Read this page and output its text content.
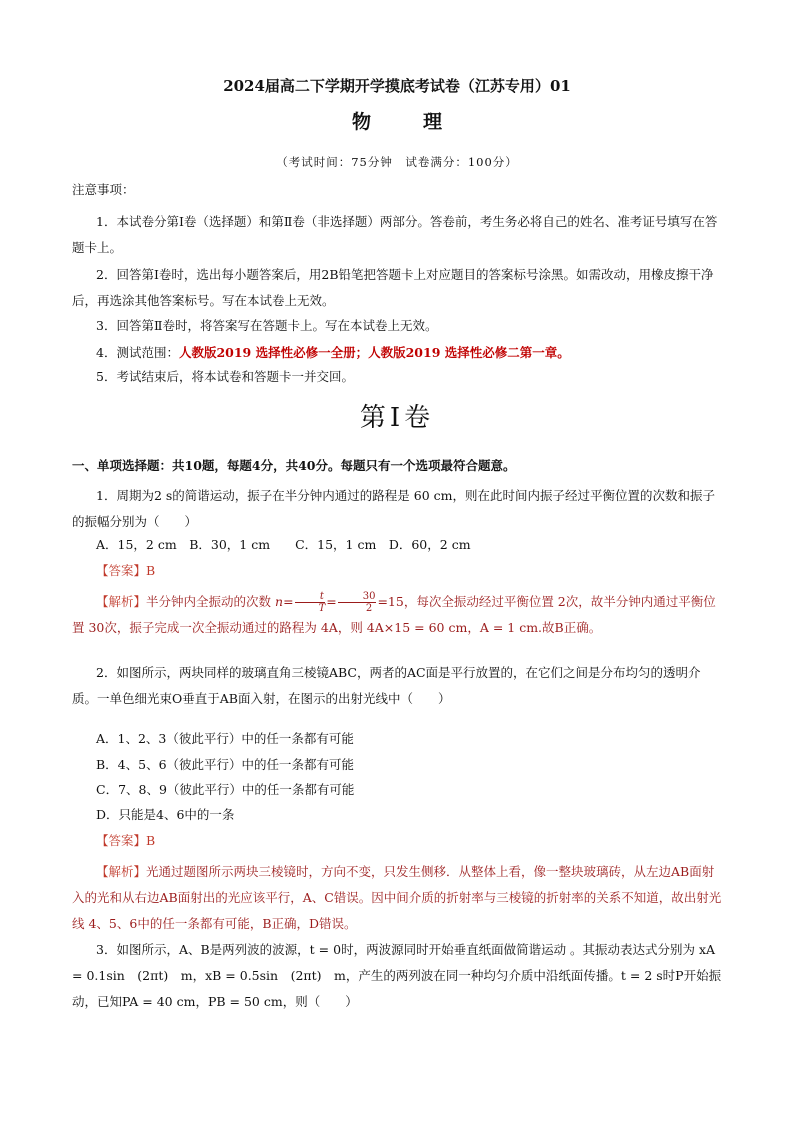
2024届高二下学期开学摸底考试卷（江苏专用）01
物理
（考试时间：75分钟　试卷满分：100分）
注意事项：
1．本试卷分第Ⅰ卷（选择题）和第Ⅱ卷（非选择题）两部分。答卷前，考生务必将自己的姓名、准考证号填写在答题卡上。
2．回答第Ⅰ卷时，选出每小题答案后，用2B铅笔把答题卡上对应题目的答案标号涂黑。如需改动，用橡皮擦干净后，再选涂其他答案标号。写在本试卷上无效。
3．回答第Ⅱ卷时，将答案写在答题卡上。写在本试卷上无效。
4．测试范围：人教版2019 选择性必修一全册；人教版2019 选择性必修二第一章。
5．考试结束后，将本试卷和答题卡一并交回。
第Ⅰ卷
一、单项选择题：共10题，每题4分，共40分。每题只有一个选项最符合题意。
1．周期为2 s的简谐运动，振子在半分钟内通过的路程是 60 cm，则在此时间内振子经过平衡位置的次数和振子的振幅分别为（　　）
A．15，2 cm　B．30，1 cm　　C．15，1 cm　D．60，2 cm
【答案】B
【解析】半分钟内全振动的次数 $n= \frac{t}{T} = \frac{30}{2} =15$，每次全振动经过平衡位置 2次，故半分钟内通过平衡位置 30次，振子完成一次全振动通过的路程为 4A，则 4A×15 = 60 cm，A = 1 cm.故B正确。
2．如图所示，两块同样的玻璃直角三棱镜ABC，两者的AC面是平行放置的，在它们之间是分布均匀的透明介质。一单色细光束O垂直于AB面入射，在图示的出射光线中（　　）
A．1、2、3（彼此平行）中的任一条都有可能
B．4、5、6（彼此平行）中的任一条都有可能
C．7、8、9（彼此平行）中的任一条都有可能
D．只能是4、6中的一条
【答案】B
【解析】光通过题图所示两块三棱镜时，方向不变，只发生侧移．从整体上看，像一整块玻璃砖，从左边AB面射入的光和从右边AB面射出的光应该平行，A、C错误。因中间介质的折射率与三棱镜的折射率的关系不知道，故出射光线 4、5、6中的任一条都有可能，B正确，D错误。
3．如图所示，A、B是两列波的波源，t = 0时，两波源同时开始垂直纸面做简谐运动 。其振动表达式分别为 xA = 0.1sin　(2πt)　m，xB = 0.5sin　(2πt)　m，产生的两列波在同一种均匀介质中沿纸面传播。t = 2 s时P开始振动，已知PA = 40 cm，PB = 50 cm，则（　　）
